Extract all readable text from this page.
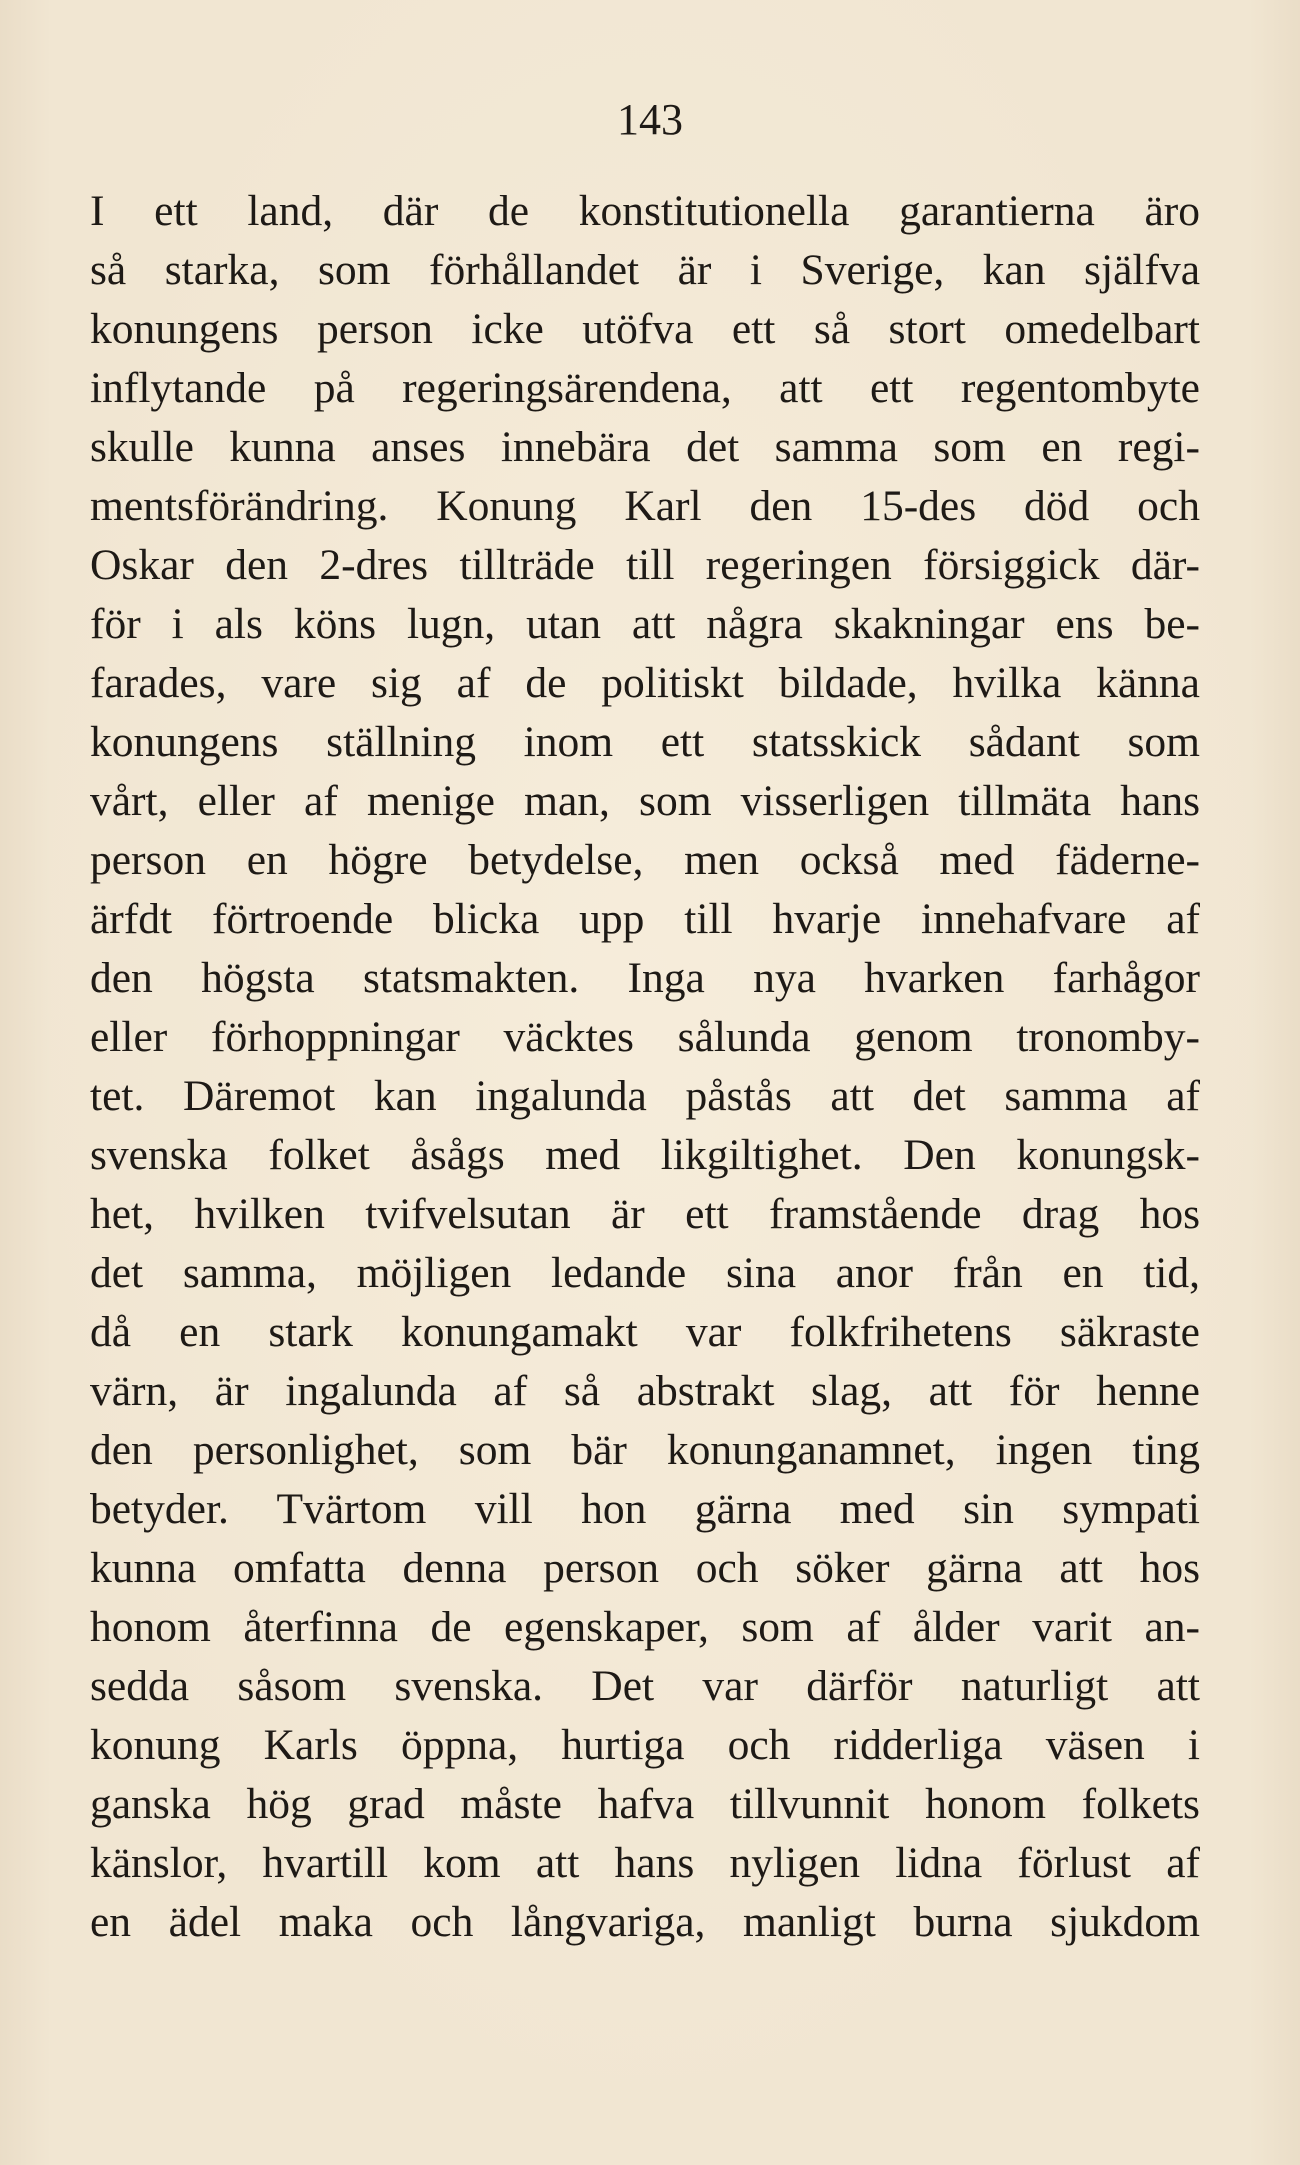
143

I ett land, där de konstitutionella garantierna äro
så starka, som förhållandet är i Sverige, kan själfva
konungens person icke utöfva ett så stort omedelbart
inflytande på regeringsärendena, att ett regentombyte
skulle kunna anses innebära det samma som en regi-
mentsförändring. Konung Karl den 15-des död och
Oskar den 2-dres tillträde till regeringen försiggick där-
för i als köns lugn, utan att några skakningar ens be-
farades, vare sig af de politiskt bildade, hvilka känna
konungens ställning inom ett statsskick sådant som
vårt, eller af menige man, som visserligen tillmäta hans
person en högre betydelse, men också med fäderne-
ärfdt förtroende blicka upp till hvarje innehafvare af
den högsta statsmakten. Inga nya hvarken farhågor
eller förhoppningar väcktes sålunda genom tronomby-
tet. Däremot kan ingalunda påstås att det samma af
svenska folket åsågs med likgiltighet. Den konungsk-
het, hvilken tvifvelsutan är ett framstående drag hos
det samma, möjligen ledande sina anor från en tid,
då en stark konungamakt var folkfrihetens säkraste
värn, är ingalunda af så abstrakt slag, att för henne
den personlighet, som bär konunganamnet, ingen ting
betyder. Tvärtom vill hon gärna med sin sympati
kunna omfatta denna person och söker gärna att hos
honom återfinna de egenskaper, som af ålder varit an-
sedda såsom svenska. Det var därför naturligt att
konung Karls öppna, hurtiga och ridderliga väsen i
ganska hög grad måste hafva tillvunnit honom folkets
känslor, hvartill kom att hans nyligen lidna förlust af
en ädel maka och långvariga, manligt burna sjukdom
